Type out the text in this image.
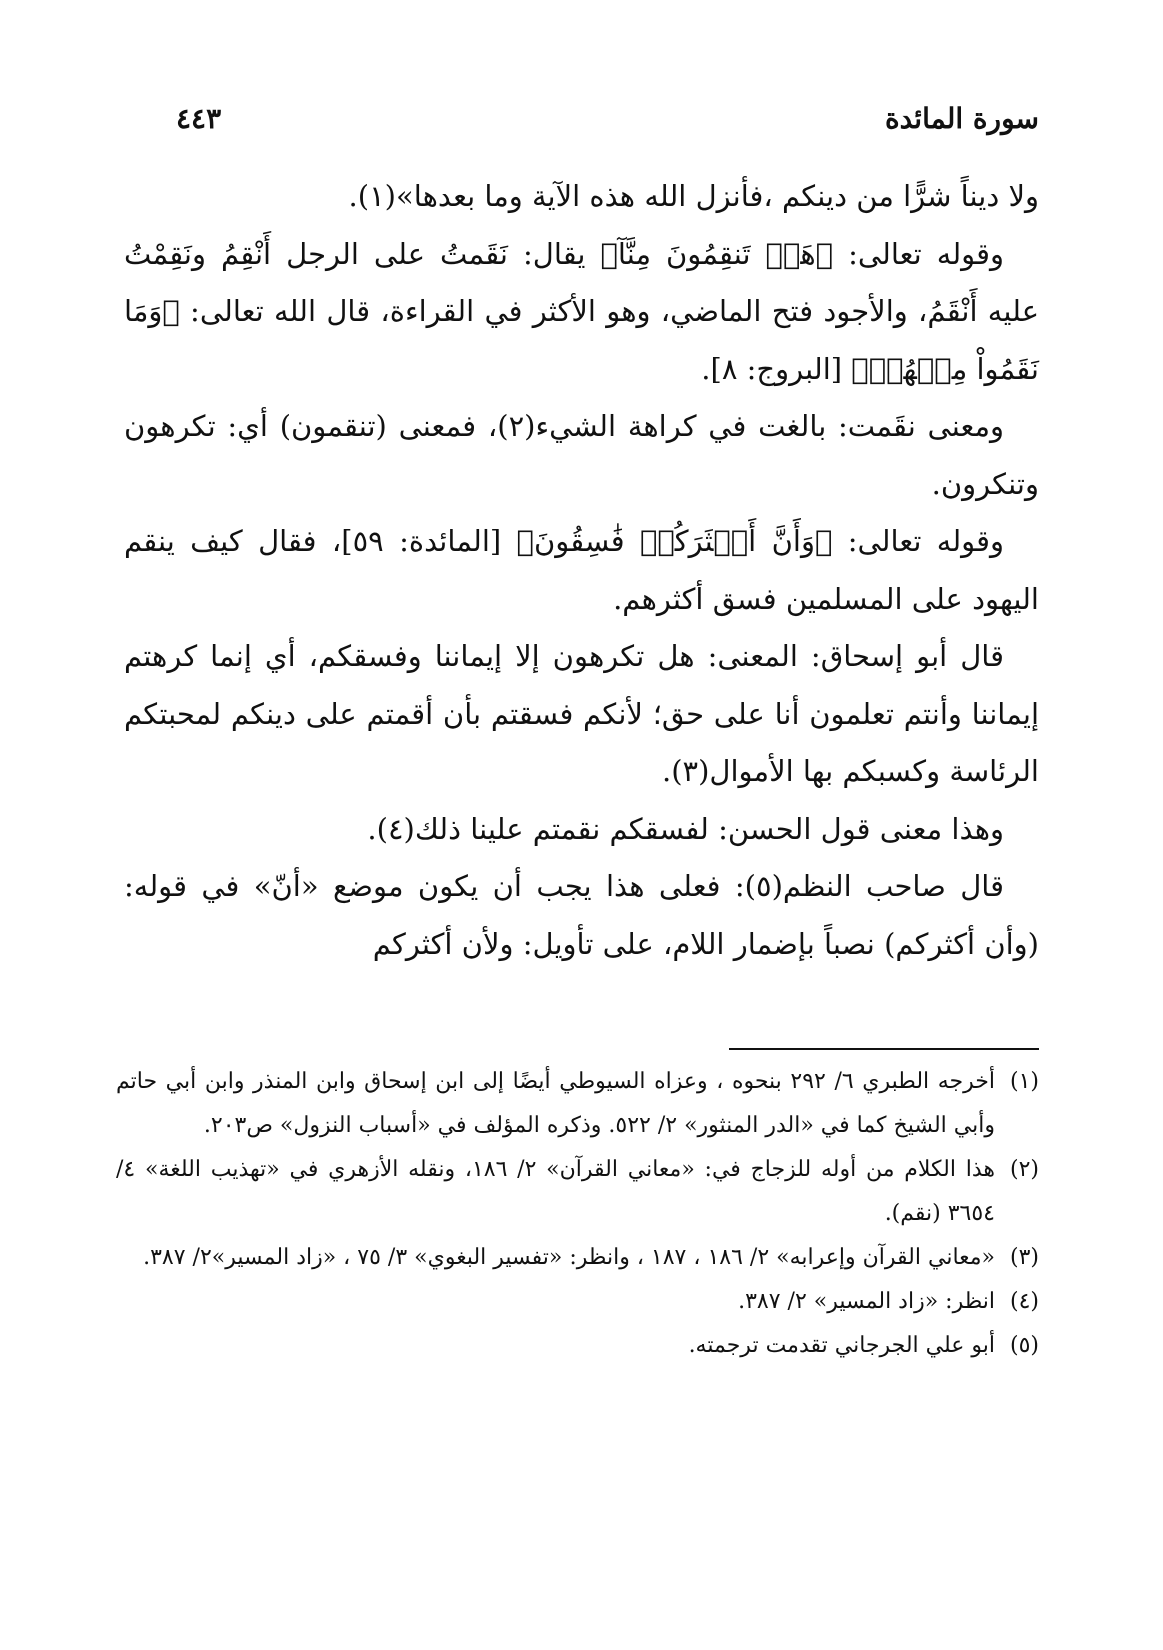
سورة المائدة
٤٤٣

ولا ديناً شرًّا من دينكم ،فأنزل الله هذه الآية وما بعدها»(١).

وقوله تعالى: ﴿هَلۡ تَنقِمُونَ مِنَّآ﴾ يقال: نَقَمتُ على الرجل أَنْقِمُ ونَقِمْتُ عليه أَنْقَمُ، والأجود فتح الماضي، وهو الأكثر في القراءة، قال الله تعالى: ﴿وَمَا نَقَمُواْ مِنۡهُمۡ﴾ [البروج: ٨].

ومعنى نقَمت: بالغت في كراهة الشيء(٢)، فمعنى (تنقمون) أي: تكرهون وتنكرون.

وقوله تعالى: ﴿وَأَنَّ أَكۡثَرَكُمۡ فَٰسِقُونَ﴾ [المائدة: ٥٩]، فقال كيف ينقم اليهود على المسلمين فسق أكثرهم.

قال أبو إسحاق: المعنى: هل تكرهون إلا إيماننا وفسقكم، أي إنما كرهتم إيماننا وأنتم تعلمون أنا على حق؛ لأنكم فسقتم بأن أقمتم على دينكم لمحبتكم الرئاسة وكسبكم بها الأموال(٣).

وهذا معنى قول الحسن: لفسقكم نقمتم علينا ذلك(٤).

قال صاحب النظم(٥): فعلى هذا يجب أن يكون موضع «أنّ» في قوله: (وأن أكثركم) نصباً بإضمار اللام، على تأويل: ولأن أكثركم

(١)
أخرجه الطبري ٦/ ٢٩٢ بنحوه ، وعزاه السيوطي أيضًا إلى ابن إسحاق وابن المنذر وابن أبي حاتم وأبي الشيخ كما في «الدر المنثور» ٢/ ٥٢٢. وذكره المؤلف في «أسباب النزول» ص٢٠٣.
(٢)
هذا الكلام من أوله للزجاج في: «معاني القرآن» ٢/ ١٨٦، ونقله الأزهري في «تهذيب اللغة» ٤/ ٣٦٥٤ (نقم).
(٣)
«معاني القرآن وإعرابه» ٢/ ١٨٦ ، ١٨٧ ، وانظر: «تفسير البغوي» ٣/ ٧٥ ، «زاد المسير»٢/ ٣٨٧.
(٤)
انظر: «زاد المسير» ٢/ ٣٨٧.
(٥)
أبو علي الجرجاني تقدمت ترجمته.
